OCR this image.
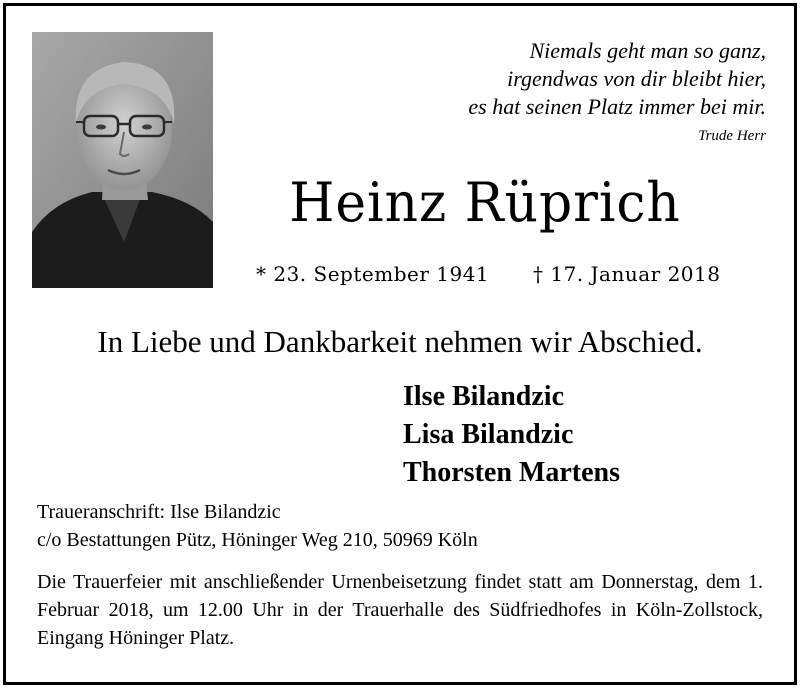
Niemals geht man so ganz,
irgendwas von dir bleibt hier,
es hat seinen Platz immer bei mir.
Trude Herr
Heinz Rüprich
* 23. September 1941 † 17. Januar 2018
In Liebe und Dankbarkeit nehmen wir Abschied.
Ilse Bilandzic
Lisa Bilandzic
Thorsten Martens
Traueranschrift: Ilse Bilandzic
c/o Bestattungen Pütz, Höninger Weg 210, 50969 Köln
Die Trauerfeier mit anschließender Urnenbeisetzung findet statt am Donnerstag, dem 1. Februar 2018, um 12.00 Uhr in der Trauerhalle des Südfriedhofes in Köln-Zollstock, Eingang Höninger Platz.
